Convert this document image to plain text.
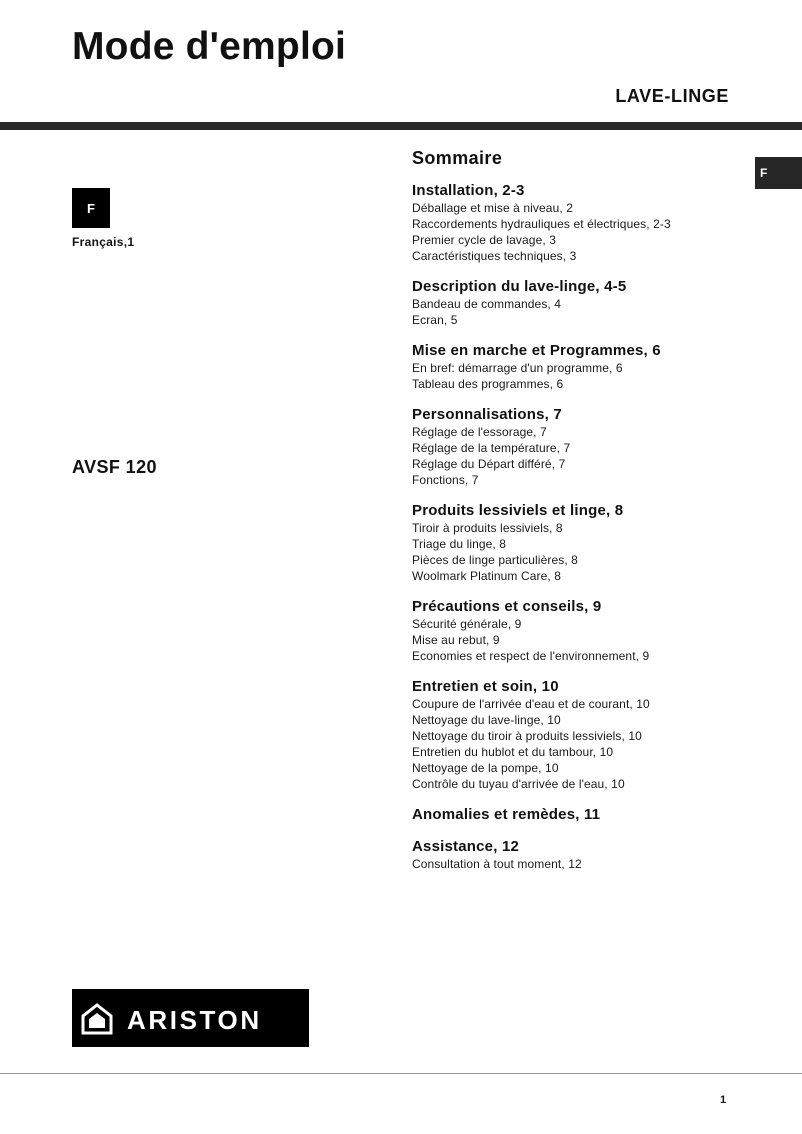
Mode d'emploi
LAVE-LINGE
F
Français,1
F
AVSF 120
Sommaire
Installation, 2-3
Déballage et mise à niveau, 2
Raccordements hydrauliques et électriques, 2-3
Premier cycle de lavage, 3
Caractéristiques techniques, 3
Description du lave-linge, 4-5
Bandeau de commandes, 4
Ecran, 5
Mise en marche et Programmes, 6
En bref: démarrage d'un programme, 6
Tableau des programmes, 6
Personnalisations, 7
Réglage de l'essorage, 7
Réglage de la température, 7
Réglage du Départ différé, 7
Fonctions, 7
Produits lessiviels et linge, 8
Tiroir à produits lessiviels, 8
Triage du linge, 8
Pièces de linge particulières, 8
Woolmark Platinum Care, 8
Précautions et conseils, 9
Sécurité générale, 9
Mise au rebut, 9
Economies et respect de l'environnement, 9
Entretien et soin, 10
Coupure de l'arrivée d'eau et de courant, 10
Nettoyage du lave-linge, 10
Nettoyage du tiroir à produits lessiviels, 10
Entretien du hublot et du tambour, 10
Nettoyage de la pompe, 10
Contrôle du tuyau d'arrivée de l'eau, 10
Anomalies et remèdes, 11
Assistance, 12
Consultation à tout moment, 12
ARISTON
1
